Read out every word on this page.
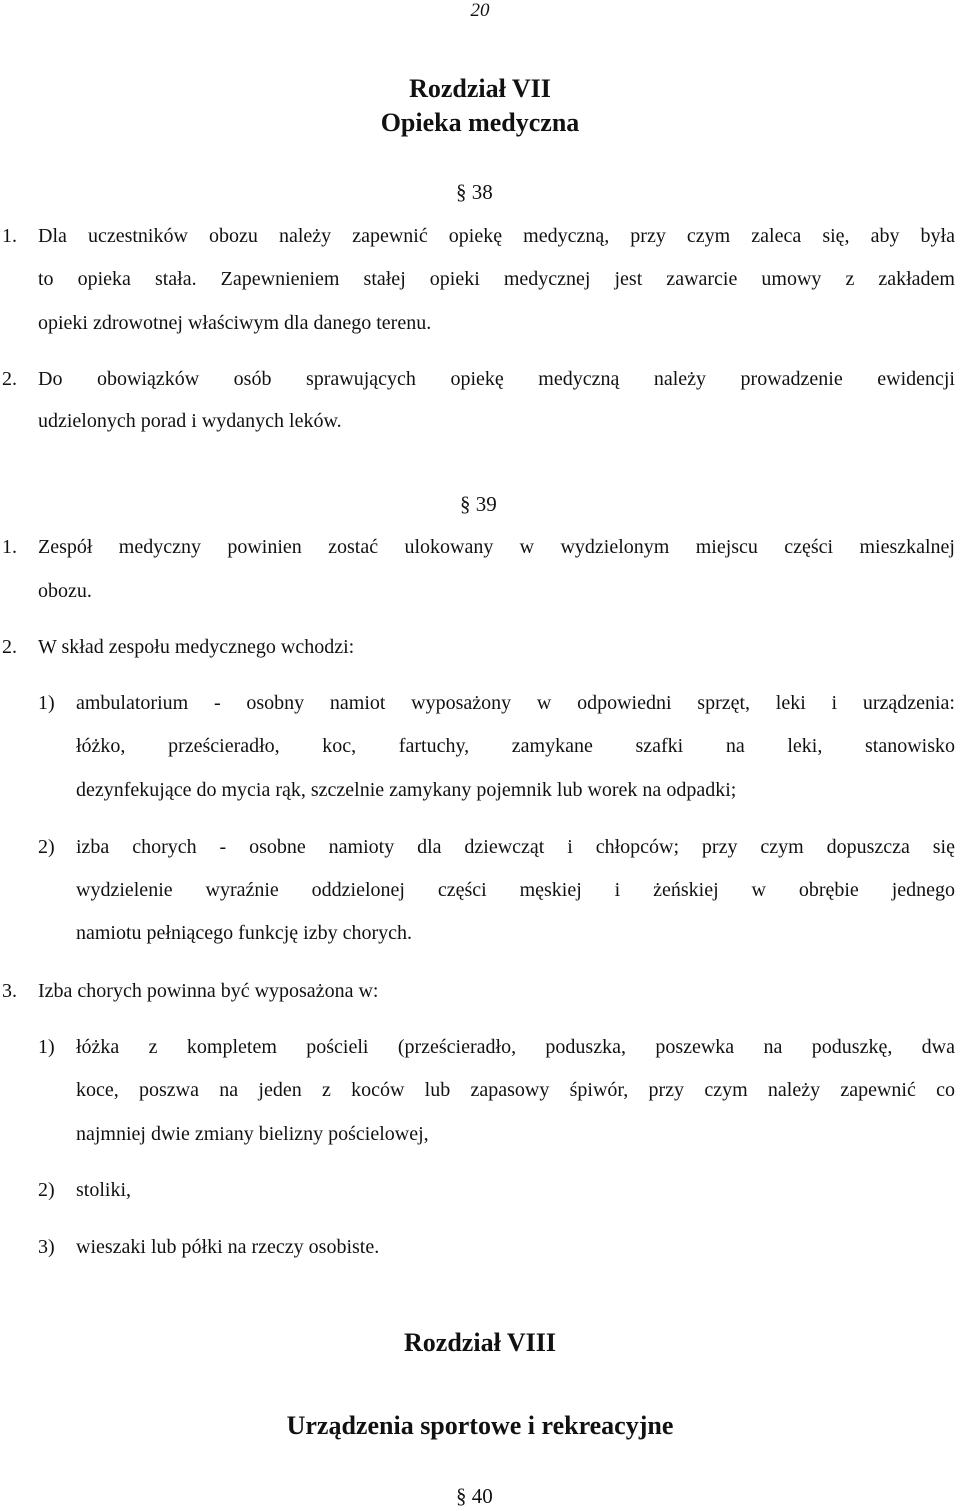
20
Rozdział VII
Opieka medyczna
§ 38
1. Dla uczestników obozu należy zapewnić opiekę medyczną, przy czym zaleca się, aby była
to opieka stała. Zapewnieniem stałej opieki medycznej jest zawarcie umowy z zakładem
opieki zdrowotnej właściwym dla danego terenu.
2. Do obowiązków osób sprawujących opiekę medyczną należy prowadzenie ewidencji
udzielonych porad i wydanych leków.
§ 39
1. Zespół medyczny powinien zostać ulokowany w wydzielonym miejscu części mieszkalnej
obozu.
2. W skład zespołu medycznego wchodzi:
1) ambulatorium - osobny namiot wyposażony w odpowiedni sprzęt, leki i urządzenia:
łóżko, prześcieradło, koc, fartuchy, zamykane szafki na leki, stanowisko
dezynfekujące do mycia rąk, szczelnie zamykany pojemnik lub worek na odpadki;
2) izba chorych - osobne namioty dla dziewcząt i chłopców; przy czym dopuszcza się
wydzielenie wyraźnie oddzielonej części męskiej i żeńskiej w obrębie jednego
namiotu pełniącego funkcję izby chorych.
3. Izba chorych powinna być wyposażona w:
1) łóżka z kompletem pościeli (prześcieradło, poduszka, poszewka na poduszkę, dwa
koce, poszwa na jeden z koców lub zapasowy śpiwór, przy czym należy zapewnić co
najmniej dwie zmiany bielizny pościelowej,
2) stoliki,
3) wieszaki lub półki na rzeczy osobiste.
Rozdział VIII
Urządzenia sportowe i rekreacyjne
§ 40
